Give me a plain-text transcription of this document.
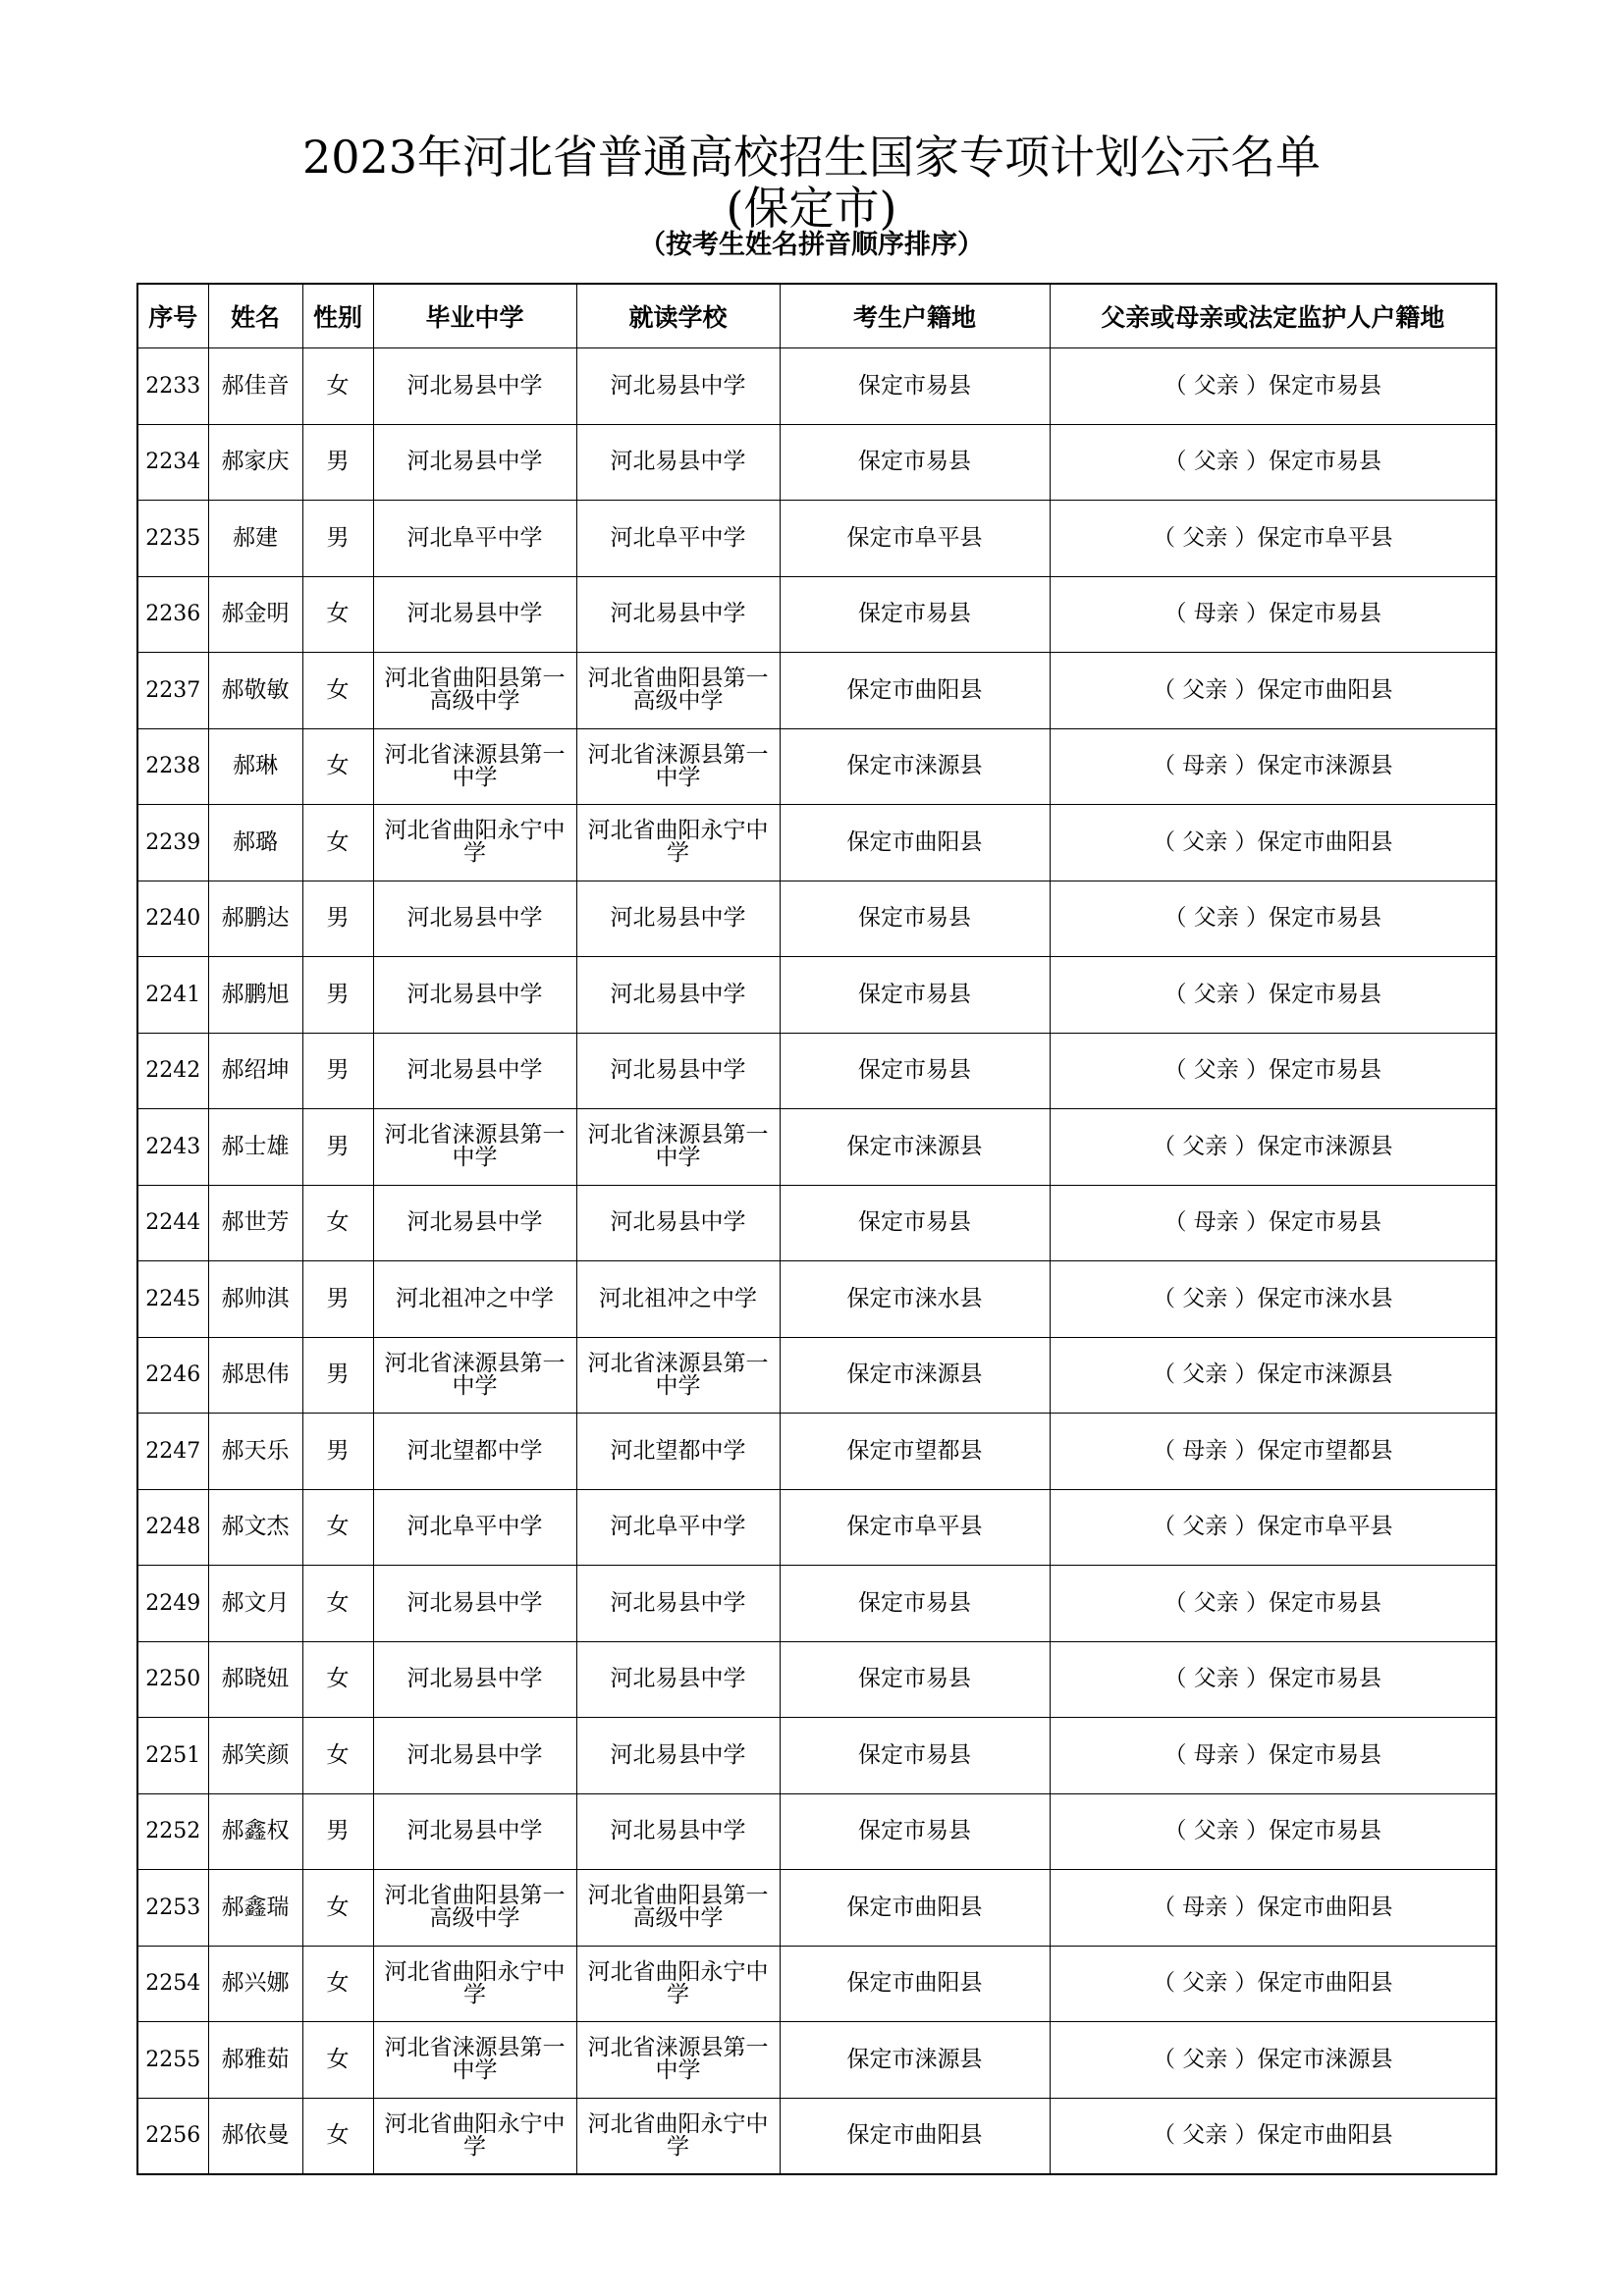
2023年河北省普通高校招生国家专项计划公示名单
(保定市)
（按考生姓名拼音顺序排序）
序号	姓名	性别	毕业中学	就读学校	考生户籍地	父亲或母亲或法定监护人户籍地
2233	郝佳音	女	河北易县中学	河北易县中学	保定市易县	（ 父亲 ）保定市易县
2234	郝家庆	男	河北易县中学	河北易县中学	保定市易县	（ 父亲 ）保定市易县
2235	郝建	男	河北阜平中学	河北阜平中学	保定市阜平县	（ 父亲 ）保定市阜平县
2236	郝金明	女	河北易县中学	河北易县中学	保定市易县	（ 母亲 ）保定市易县
2237	郝敬敏	女	河北省曲阳县第一高级中学	河北省曲阳县第一高级中学	保定市曲阳县	（ 父亲 ）保定市曲阳县
2238	郝琳	女	河北省涞源县第一中学	河北省涞源县第一中学	保定市涞源县	（ 母亲 ）保定市涞源县
2239	郝璐	女	河北省曲阳永宁中学	河北省曲阳永宁中学	保定市曲阳县	（ 父亲 ）保定市曲阳县
2240	郝鹏达	男	河北易县中学	河北易县中学	保定市易县	（ 父亲 ）保定市易县
2241	郝鹏旭	男	河北易县中学	河北易县中学	保定市易县	（ 父亲 ）保定市易县
2242	郝绍坤	男	河北易县中学	河北易县中学	保定市易县	（ 父亲 ）保定市易县
2243	郝士雄	男	河北省涞源县第一中学	河北省涞源县第一中学	保定市涞源县	（ 父亲 ）保定市涞源县
2244	郝世芳	女	河北易县中学	河北易县中学	保定市易县	（ 母亲 ）保定市易县
2245	郝帅淇	男	河北祖冲之中学	河北祖冲之中学	保定市涞水县	（ 父亲 ）保定市涞水县
2246	郝思伟	男	河北省涞源县第一中学	河北省涞源县第一中学	保定市涞源县	（ 父亲 ）保定市涞源县
2247	郝天乐	男	河北望都中学	河北望都中学	保定市望都县	（ 母亲 ）保定市望都县
2248	郝文杰	女	河北阜平中学	河北阜平中学	保定市阜平县	（ 父亲 ）保定市阜平县
2249	郝文月	女	河北易县中学	河北易县中学	保定市易县	（ 父亲 ）保定市易县
2250	郝晓妞	女	河北易县中学	河北易县中学	保定市易县	（ 父亲 ）保定市易县
2251	郝笑颜	女	河北易县中学	河北易县中学	保定市易县	（ 母亲 ）保定市易县
2252	郝鑫权	男	河北易县中学	河北易县中学	保定市易县	（ 父亲 ）保定市易县
2253	郝鑫瑞	女	河北省曲阳县第一高级中学	河北省曲阳县第一高级中学	保定市曲阳县	（ 母亲 ）保定市曲阳县
2254	郝兴娜	女	河北省曲阳永宁中学	河北省曲阳永宁中学	保定市曲阳县	（ 父亲 ）保定市曲阳县
2255	郝雅茹	女	河北省涞源县第一中学	河北省涞源县第一中学	保定市涞源县	（ 父亲 ）保定市涞源县
2256	郝依曼	女	河北省曲阳永宁中学	河北省曲阳永宁中学	保定市曲阳县	（ 父亲 ）保定市曲阳县
